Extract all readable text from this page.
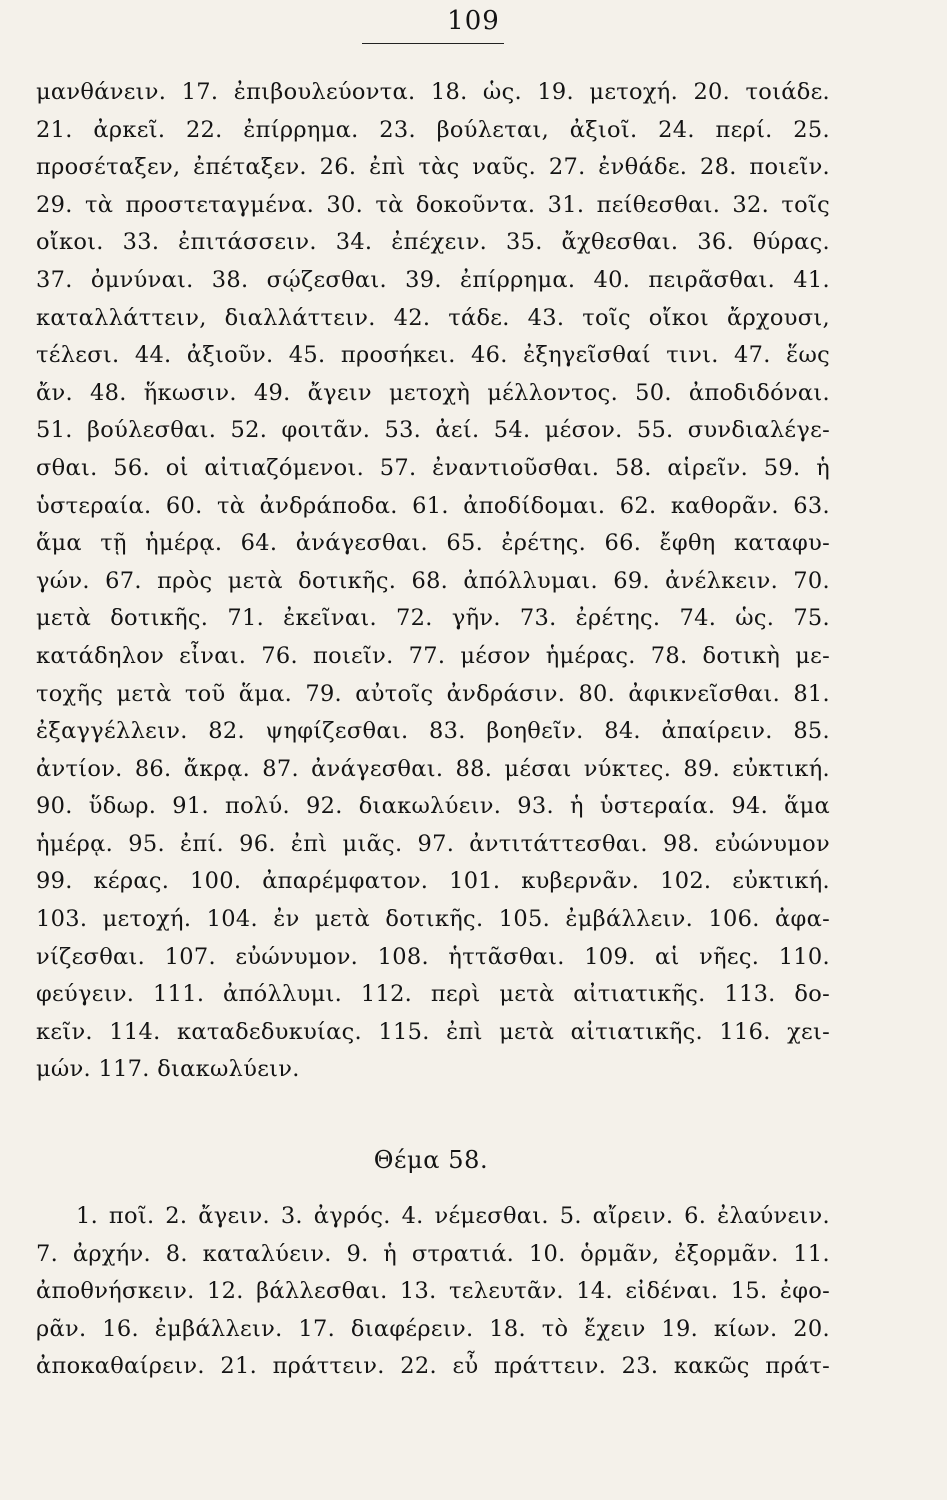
109
μανθάνειν. 17. ἐπιβουλεύοντα. 18. ὡς. 19. μετοχή. 20. τοιάδε.
21. ἀρκεῖ. 22. ἐπίρρημα. 23. βούλεται, ἀξιοῖ. 24. περί. 25.
προσέταξεν, ἐπέταξεν. 26. ἐπὶ τὰς ναῦς. 27. ἐνθάδε. 28. ποιεῖν.
29. τὰ προστεταγμένα. 30. τὰ δοκοῦντα. 31. πείθεσθαι. 32. τοῖς
οἴκοι. 33. ἐπιτάσσειν. 34. ἐπέχειν. 35. ἄχθεσθαι. 36. θύρας.
37. ὀμνύναι. 38. σῴζεσθαι. 39. ἐπίρρημα. 40. πειρᾶσθαι. 41.
καταλλάττειν, διαλλάττειν. 42. τάδε. 43. τοῖς οἴκοι ἄρχουσι,
τέλεσι. 44. ἀξιοῦν. 45. προσήκει. 46. ἐξηγεῖσθαί τινι. 47. ἕως
ἄν. 48. ἥκωσιν. 49. ἄγειν μετοχὴ μέλλοντος. 50. ἀποδιδόναι.
51. βούλεσθαι. 52. φοιτᾶν. 53. ἀεί. 54. μέσον. 55. συνδιαλέγε-
σθαι. 56. οἱ αἰτιαζόμενοι. 57. ἐναντιοῦσθαι. 58. αἱρεῖν. 59. ἡ
ὑστεραία. 60. τὰ ἀνδράποδα. 61. ἀποδίδομαι. 62. καθορᾶν. 63.
ἅμα τῇ ἡμέρᾳ. 64. ἀνάγεσθαι. 65. ἐρέτης. 66. ἔφθη καταφυ-
γών. 67. πρὸς μετὰ δοτικῆς. 68. ἀπόλλυμαι. 69. ἀνέλκειν. 70.
μετὰ δοτικῆς. 71. ἐκεῖναι. 72. γῆν. 73. ἐρέτης. 74. ὡς. 75.
κατάδηλον εἶναι. 76. ποιεῖν. 77. μέσον ἡμέρας. 78. δοτικὴ με-
τοχῆς μετὰ τοῦ ἅμα. 79. αὐτοῖς ἀνδράσιν. 80. ἀφικνεῖσθαι. 81.
ἐξαγγέλλειν. 82. ψηφίζεσθαι. 83. βοηθεῖν. 84. ἀπαίρειν. 85.
ἀντίον. 86. ἄκρᾳ. 87. ἀνάγεσθαι. 88. μέσαι νύκτες. 89. εὐκτική.
90. ὕδωρ. 91. πολύ. 92. διακωλύειν. 93. ἡ ὑστεραία. 94. ἅμα
ἡμέρᾳ. 95. ἐπί. 96. ἐπὶ μιᾶς. 97. ἀντιτάττεσθαι. 98. εὐώνυμον
99. κέρας. 100. ἀπαρέμφατον. 101. κυβερνᾶν. 102. εὐκτική.
103. μετοχή. 104. ἐν μετὰ δοτικῆς. 105. ἐμβάλλειν. 106. ἀφα-
νίζεσθαι. 107. εὐώνυμον. 108. ἡττᾶσθαι. 109. αἱ νῆες. 110.
φεύγειν. 111. ἀπόλλυμι. 112. περὶ μετὰ αἰτιατικῆς. 113. δο-
κεῖν. 114. καταδεδυκυίας. 115. ἐπὶ μετὰ αἰτιατικῆς. 116. χει-
μών. 117. διακωλύειν.
Θέμα 58.
1. ποῖ. 2. ἄγειν. 3. ἀγρός. 4. νέμεσθαι. 5. αἴρειν. 6. ἐλαύνειν.
7. ἀρχήν. 8. καταλύειν. 9. ἡ στρατιά. 10. ὁρμᾶν, ἐξορμᾶν. 11.
ἀποθνήσκειν. 12. βάλλεσθαι. 13. τελευτᾶν. 14. εἰδέναι. 15. ἐφο-
ρᾶν. 16. ἐμβάλλειν. 17. διαφέρειν. 18. τὸ ἔχειν 19. κίων. 20.
ἀποκαθαίρειν. 21. πράττειν. 22. εὖ πράττειν. 23. κακῶς πράτ-
